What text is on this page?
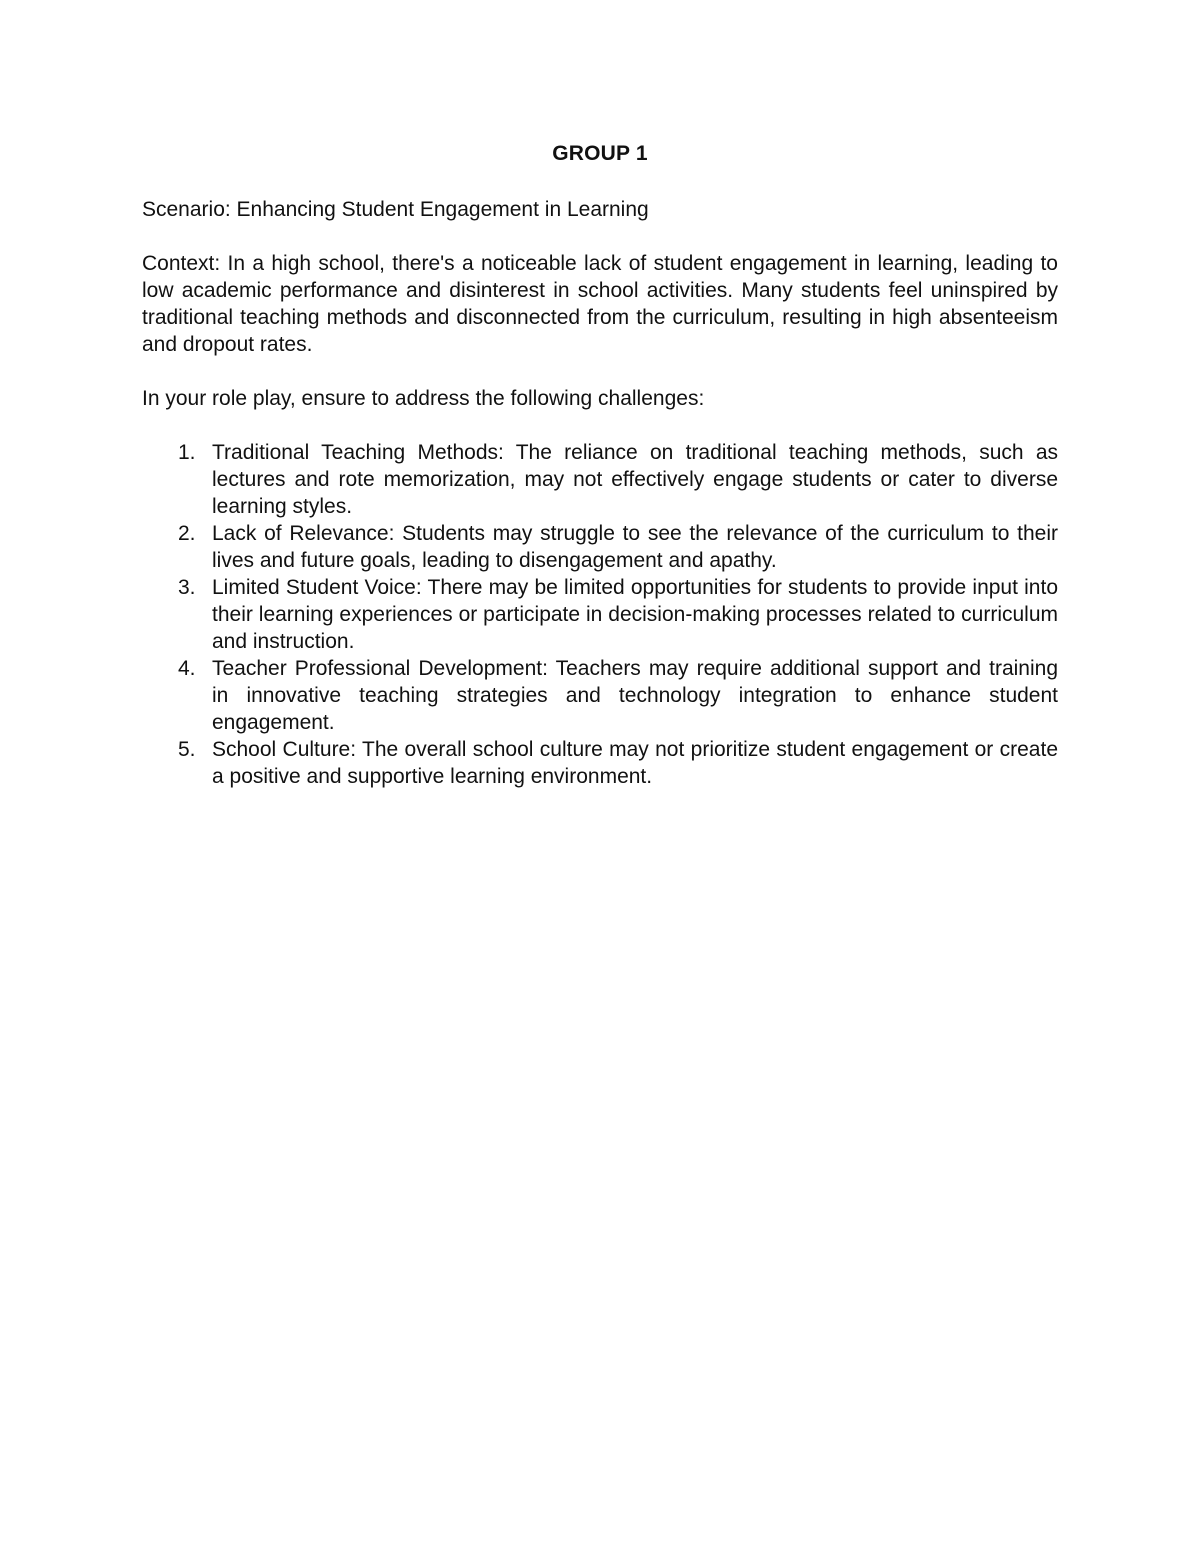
GROUP 1
Scenario: Enhancing Student Engagement in Learning
Context: In a high school, there's a noticeable lack of student engagement in learning, leading to low academic performance and disinterest in school activities. Many students feel uninspired by traditional teaching methods and disconnected from the curriculum, resulting in high absenteeism and dropout rates.
In your role play, ensure to address the following challenges:
1. Traditional Teaching Methods: The reliance on traditional teaching methods, such as lectures and rote memorization, may not effectively engage students or cater to diverse learning styles.
2. Lack of Relevance: Students may struggle to see the relevance of the curriculum to their lives and future goals, leading to disengagement and apathy.
3. Limited Student Voice: There may be limited opportunities for students to provide input into their learning experiences or participate in decision-making processes related to curriculum and instruction.
4. Teacher Professional Development: Teachers may require additional support and training in innovative teaching strategies and technology integration to enhance student engagement.
5. School Culture: The overall school culture may not prioritize student engagement or create a positive and supportive learning environment.
